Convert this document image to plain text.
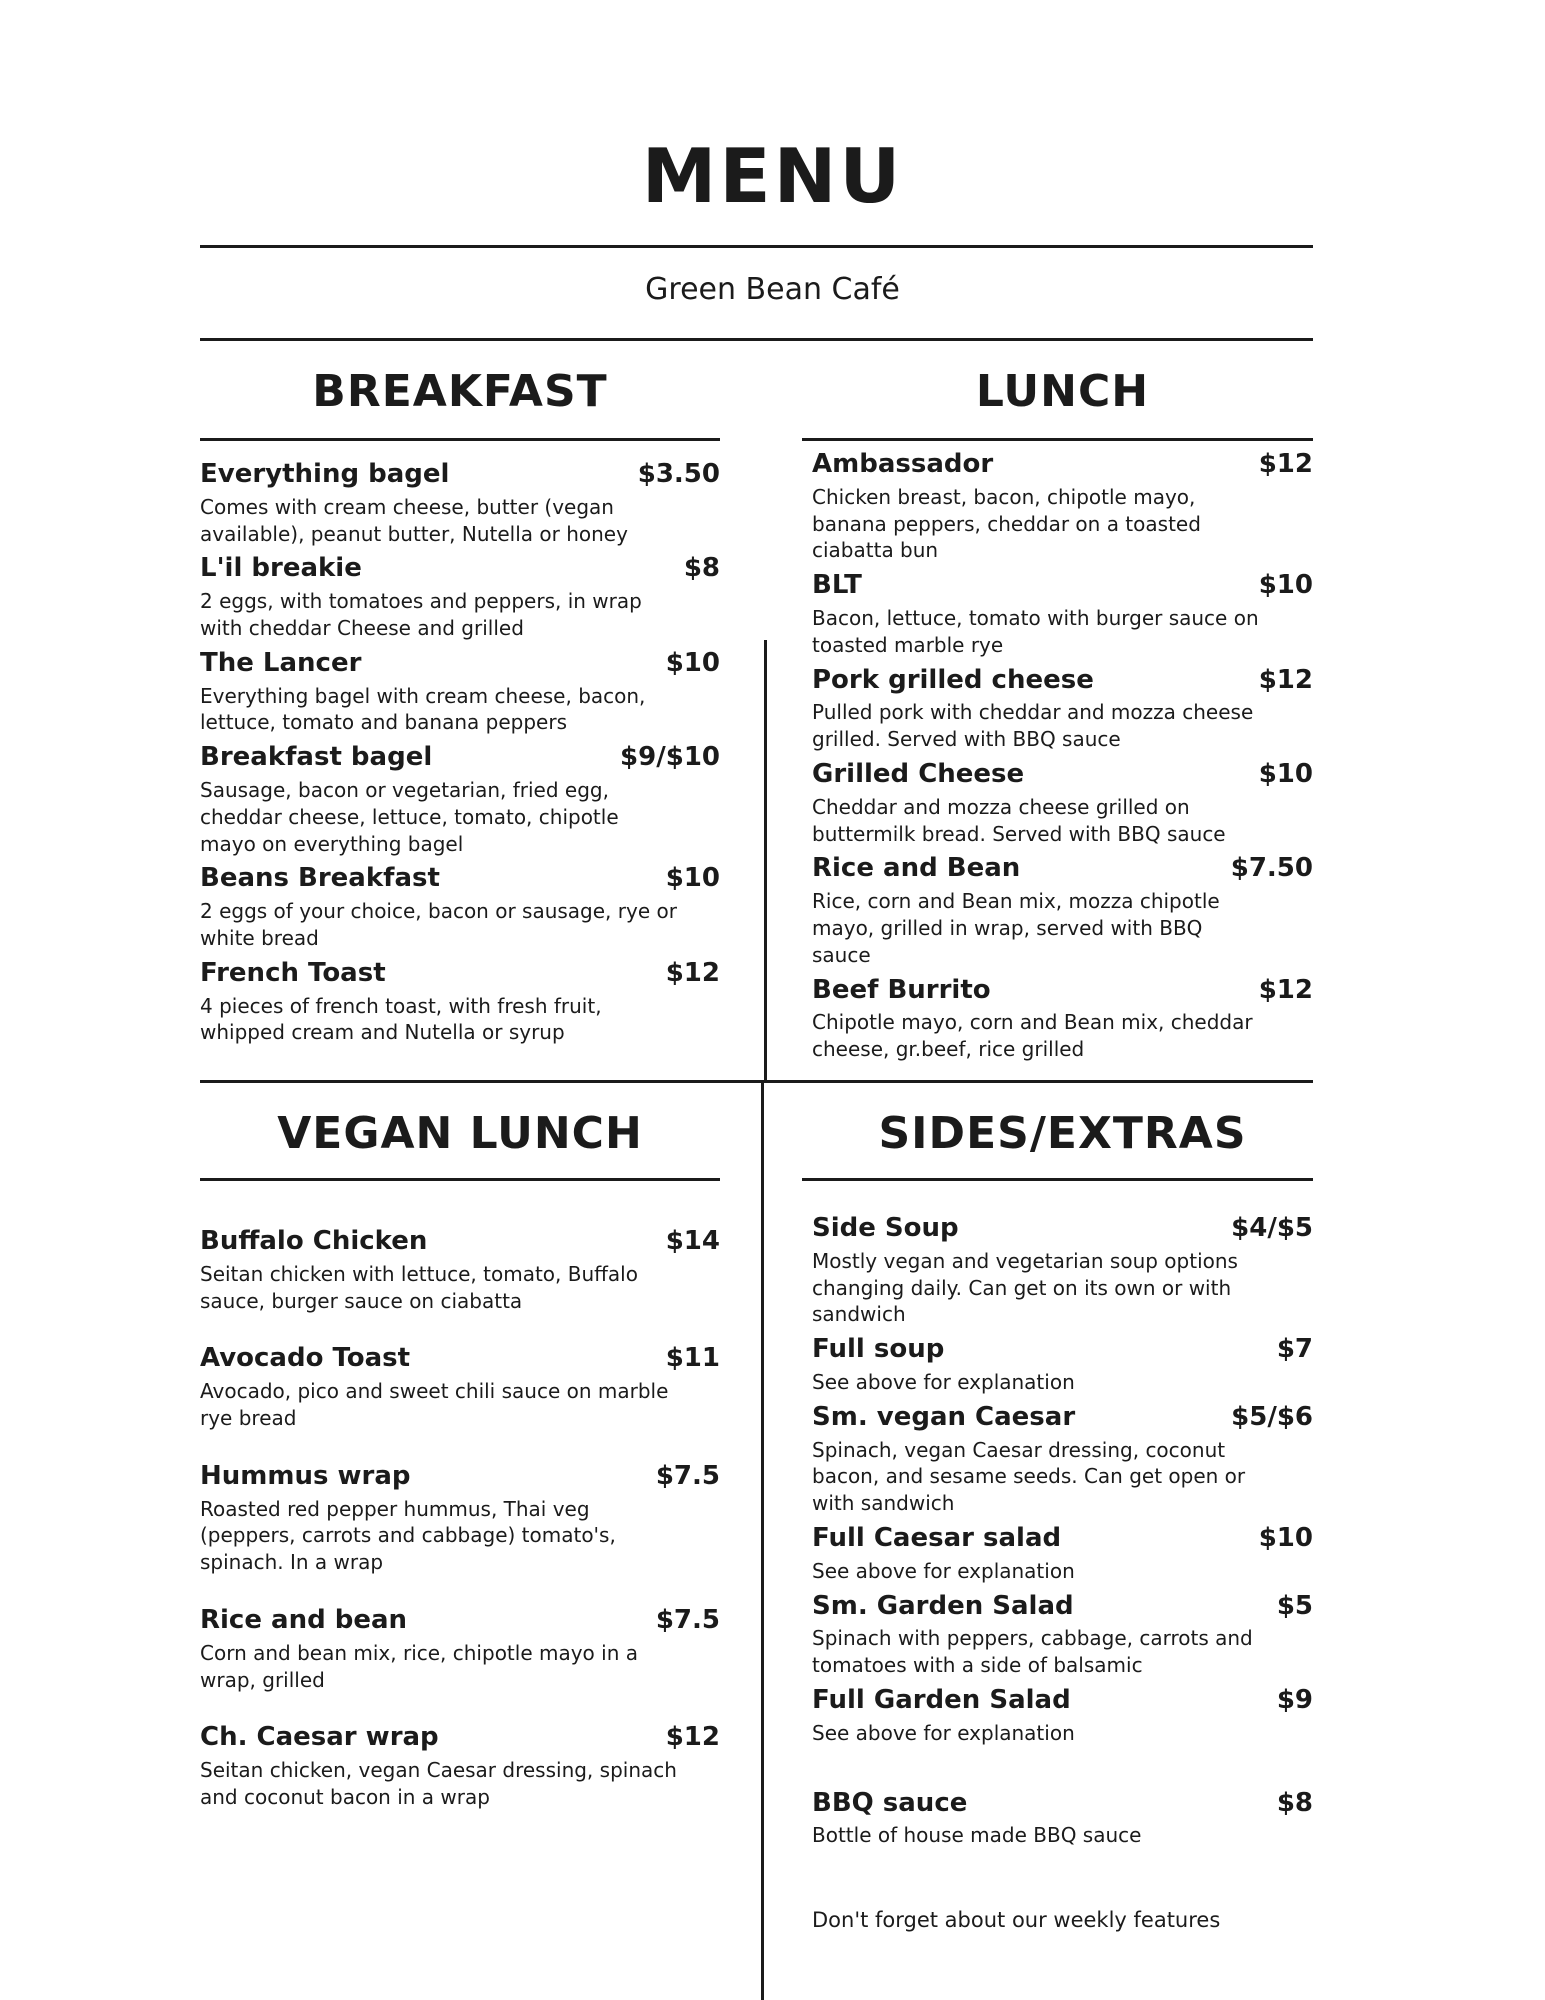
MENU
Green Bean Café
BREAKFAST	LUNCH
Everything bagel	$3.50
Comes with cream cheese, butter (vegan available), peanut butter, Nutella or honey
L'il breakie	$8
2 eggs, with tomatoes and peppers, in wrap with cheddar Cheese and grilled
The Lancer	$10
Everything bagel with cream cheese, bacon, lettuce, tomato and banana peppers
Breakfast bagel	$9/$10
Sausage, bacon or vegetarian, fried egg, cheddar cheese, lettuce, tomato, chipotle mayo on everything bagel
Beans Breakfast	$10
2 eggs of your choice, bacon or sausage, rye or white bread
French Toast	$12
4 pieces of french toast, with fresh fruit, whipped cream and Nutella or syrup
Ambassador	$12
Chicken breast, bacon, chipotle mayo, banana peppers, cheddar on a toasted ciabatta bun
BLT	$10
Bacon, lettuce, tomato with burger sauce on toasted marble rye
Pork grilled cheese	$12
Pulled pork with cheddar and mozza cheese grilled. Served with BBQ sauce
Grilled Cheese	$10
Cheddar and mozza cheese grilled on buttermilk bread. Served with BBQ sauce
Rice and Bean	$7.50
Rice, corn and Bean mix, mozza chipotle mayo, grilled in wrap, served with BBQ sauce
Beef Burrito	$12
Chipotle mayo, corn and Bean mix, cheddar cheese, gr.beef, rice grilled
VEGAN LUNCH	SIDES/EXTRAS
Buffalo Chicken	$14
Seitan chicken with lettuce, tomato, Buffalo sauce, burger sauce on ciabatta
Avocado Toast	$11
Avocado, pico and sweet chili sauce on marble rye bread
Hummus wrap	$7.5
Roasted red pepper hummus, Thai veg (peppers, carrots and cabbage) tomato's, spinach. In a wrap
Rice and bean	$7.5
Corn and bean mix, rice, chipotle mayo in a wrap, grilled
Ch. Caesar wrap	$12
Seitan chicken, vegan Caesar dressing, spinach and coconut bacon in a wrap
Side Soup	$4/$5
Mostly vegan and vegetarian soup options changing daily. Can get on its own or with sandwich
Full soup	$7
See above for explanation
Sm. vegan Caesar	$5/$6
Spinach, vegan Caesar dressing, coconut bacon, and sesame seeds. Can get open or with sandwich
Full Caesar salad	$10
See above for explanation
Sm. Garden Salad	$5
Spinach with peppers, cabbage, carrots and tomatoes with a side of balsamic
Full Garden Salad	$9
See above for explanation
BBQ sauce	$8
Bottle of house made BBQ sauce
Don't forget about our weekly features
